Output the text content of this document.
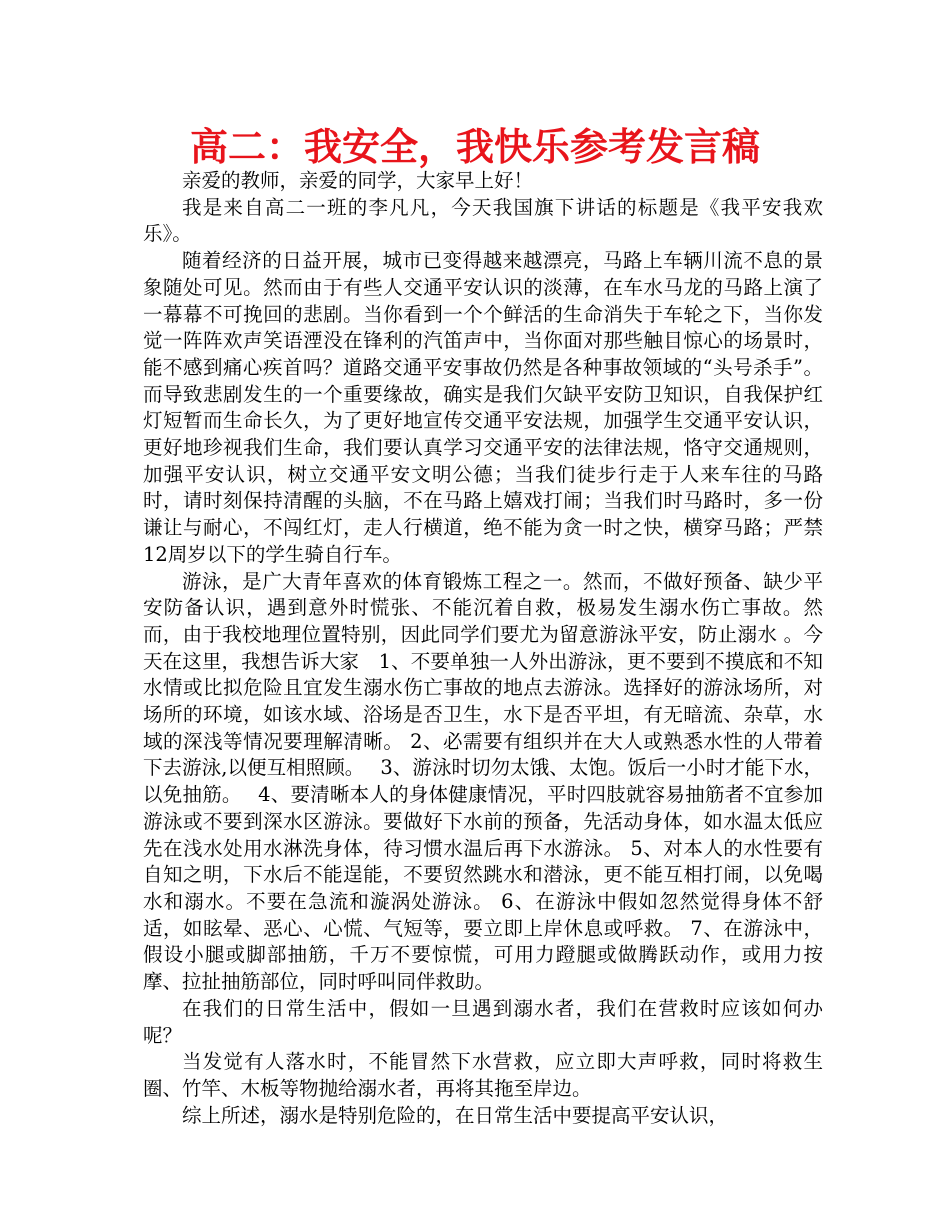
高二：我安全，我快乐参考发言稿

亲爱的教师，亲爱的同学，大家早上好！

我是来自高二一班的李凡凡，今天我国旗下讲话的标题是《我平安我欢乐》。

随着经济的日益开展，城市已变得越来越漂亮，马路上车辆川流不息的景象随处可见。然而由于有些人交通平安认识的淡薄，在车水马龙的马路上演了一幕幕不可挽回的悲剧。当你看到一个个鲜活的生命消失于车轮之下，当你发觉一阵阵欢声笑语湮没在锋利的汽笛声中，当你面对那些触目惊心的场景时，能不感到痛心疾首吗？道路交通平安事故仍然是各种事故领域的“头号杀手”。而导致悲剧发生的一个重要缘故，确实是我们欠缺平安防卫知识，自我保护红灯短暂而生命长久，为了更好地宣传交通平安法规，加强学生交通平安认识，更好地珍视我们生命，我们要认真学习交通平安的法律法规，恪守交通规则，加强平安认识，树立交通平安文明公德；当我们徒步行走于人来车往的马路时，请时刻保持清醒的头脑，不在马路上嬉戏打闹；当我们时马路时，多一份谦让与耐心，不闯红灯，走人行横道，绝不能为贪一时之快，横穿马路；严禁12周岁以下的学生骑自行车。

游泳，是广大青年喜欢的体育锻炼工程之一。然而，不做好预备、缺少平安防备认识，遇到意外时慌张、不能沉着自救，极易发生溺水伤亡事故。然而，由于我校地理位置特别，因此同学们要尤为留意游泳平安，防止溺水 。今天在这里，我想告诉大家　1、不要单独一人外出游泳，更不要到不摸底和不知水情或比拟危险且宜发生溺水伤亡事故的地点去游泳。选择好的游泳场所，对场所的环境，如该水域、浴场是否卫生，水下是否平坦，有无暗流、杂草，水域的深浅等情况要理解清晰。 2、必需要有组织并在大人或熟悉水性的人带着下去游泳,以便互相照顾。　 3、游泳时切勿太饿、太饱。饭后一小时才能下水，以免抽筋。　 4、要清晰本人的身体健康情况，平时四肢就容易抽筋者不宜参加游泳或不要到深水区游泳。要做好下水前的预备，先活动身体，如水温太低应先在浅水处用水淋洗身体，待习惯水温后再下水游泳。 5、对本人的水性要有自知之明，下水后不能逞能，不要贸然跳水和潜泳，更不能互相打闹，以免喝水和溺水。不要在急流和漩涡处游泳。 6、在游泳中假如忽然觉得身体不舒适，如眩晕、恶心、心慌、气短等，要立即上岸休息或呼救。 7、在游泳中，假设小腿或脚部抽筋，千万不要惊慌，可用力蹬腿或做腾跃动作，或用力按摩、拉扯抽筋部位，同时呼叫同伴救助。

在我们的日常生活中，假如一旦遇到溺水者，我们在营救时应该如何办呢？

当发觉有人落水时，不能冒然下水营救，应立即大声呼救，同时将救生圈、竹竿、木板等物抛给溺水者，再将其拖至岸边。

综上所述，溺水是特别危险的，在日常生活中要提高平安认识，
